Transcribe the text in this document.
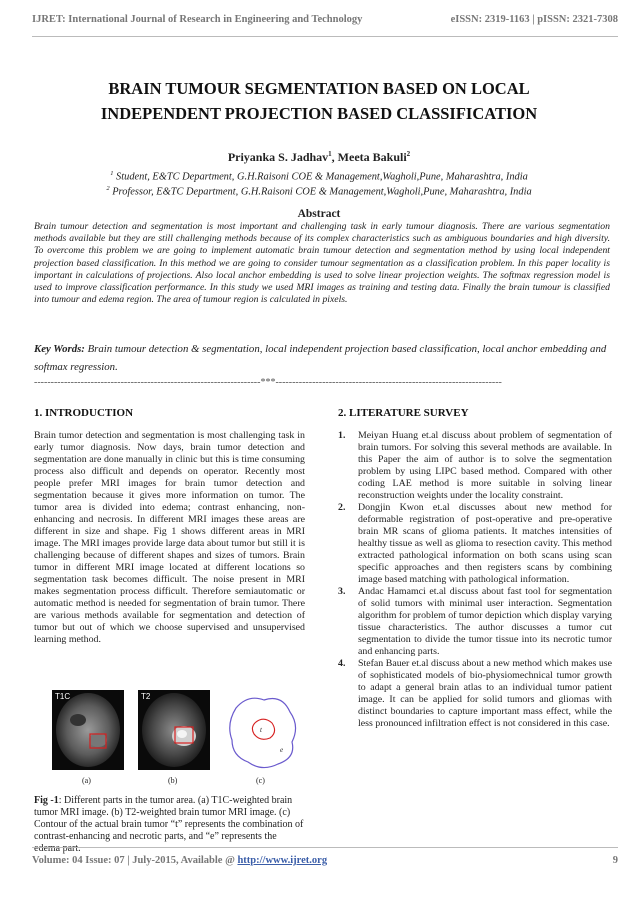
IJRET: International Journal of Research in Engineering and Technology	eISSN: 2319-1163 | pISSN: 2321-7308
BRAIN TUMOUR SEGMENTATION BASED ON LOCAL
INDEPENDENT PROJECTION BASED CLASSIFICATION
Priyanka S. Jadhav$^1$, Meeta Bakuli$^2$
$^1$ Student, E&TC Department, G.H.Raisoni COE & Management,Wagholi,Pune, Maharashtra, India
$^2$ Professor, E&TC Department, G.H.Raisoni COE & Management,Wagholi,Pune, Maharashtra, India
Abstract
Brain tumour detection and segmentation is most important and challenging task in early tumour diagnosis. There are various segmentation methods available but they are still challenging methods because of its complex characteristics such as ambiguous boundaries and high diversity. To overcome this problem we are going to implement automatic brain tumour detection and segmentation method by using local independent projection based classification. In this method we are going to consider tumour segmentation as a classification problem. In this paper locality is important in calculations of projections. Also local anchor embedding is used to solve linear projection weights. The softmax regression model is used to improve classification performance. In this study we used MRI images as training and testing data. Finally the brain tumour is classified into tumour and edema region. The area of tumour region is calculated in pixels.
Key Words: Brain tumour detection & segmentation, local independent projection based classification, local anchor embedding and softmax regression.
--------------------------------------------------------------------***--------------------------------------------------------------------
1. INTRODUCTION
Brain tumor detection and segmentation is most challenging task in early tumor diagnosis. Now days, brain tumor detection and segmentation are done manually in clinic but this is time consuming process also difficult and depends on operator. Recently most people prefer MRI images for brain tumor detection and segmentation because it gives more information on tumor. The tumor area is divided into edema; contrast enhancing, non-enhancing and necrosis. In different MRI images these areas are different in size and shape. Fig 1 shows different areas in MRI image. The MRI images provide large data about tumor but still it is challenging because of different shapes and sizes of tumors. Brain tumor in different MRI image located at different locations so segmentation task becomes difficult. The noise present in MRI makes segmentation process difficult. Therefore semiautomatic or automatic method is needed for segmentation of brain tumor. There are various methods available for segmentation and detection of tumor but out of which we choose supervised and unsupervised learning method.
T1C	T2
t
e
(a)	(b)	(c)
Fig -1: Different parts in the tumor area. (a) T1C-weighted brain tumor MRI image. (b) T2-weighted brain tumor MRI image. (c) Contour of the actual brain tumor “t” represents the combination of contrast-enhancing and necrotic parts, and “e” represents the edema part.
2. LITERATURE SURVEY
1. Meiyan Huang et.al discuss about problem of segmentation of brain tumors. For solving this several methods are available. In this Paper the aim of author is to solve the segmentation problem by using LIPC based method. Compared with other coding LAE method is more suitable in solving linear reconstruction weights under the locality constraint.
2. Dongjin Kwon et.al discusses about new method for deformable registration of post-operative and pre-operative brain MR scans of glioma patients. It matches intensities of healthy tissue as well as glioma to resection cavity. This method extracted pathological information on both scans using scan specific approaches and then registers scans by combining image based matching with pathological information.
3. Andac Hamamci et.al discuss about fast tool for segmentation of solid tumors with minimal user interaction. Segmentation algorithm for problem of tumor depiction which display varying tissue characteristics. The author discusses a tumor cut segmentation to divide the tumor tissue into its necrotic tumor and enhancing parts.
4. Stefan Bauer et.al discuss about a new method which makes use of sophisticated models of bio-physiomechnical tumor growth to adapt a general brain atlas to an individual tumor patient image. It can be applied for solid tumors and gliomas with distinct boundaries to capture important mass effect, while the less pronounced infiltration effect is not considered in this case.
Volume: 04 Issue: 07 | July-2015, Available @ http://www.ijret.org	9
